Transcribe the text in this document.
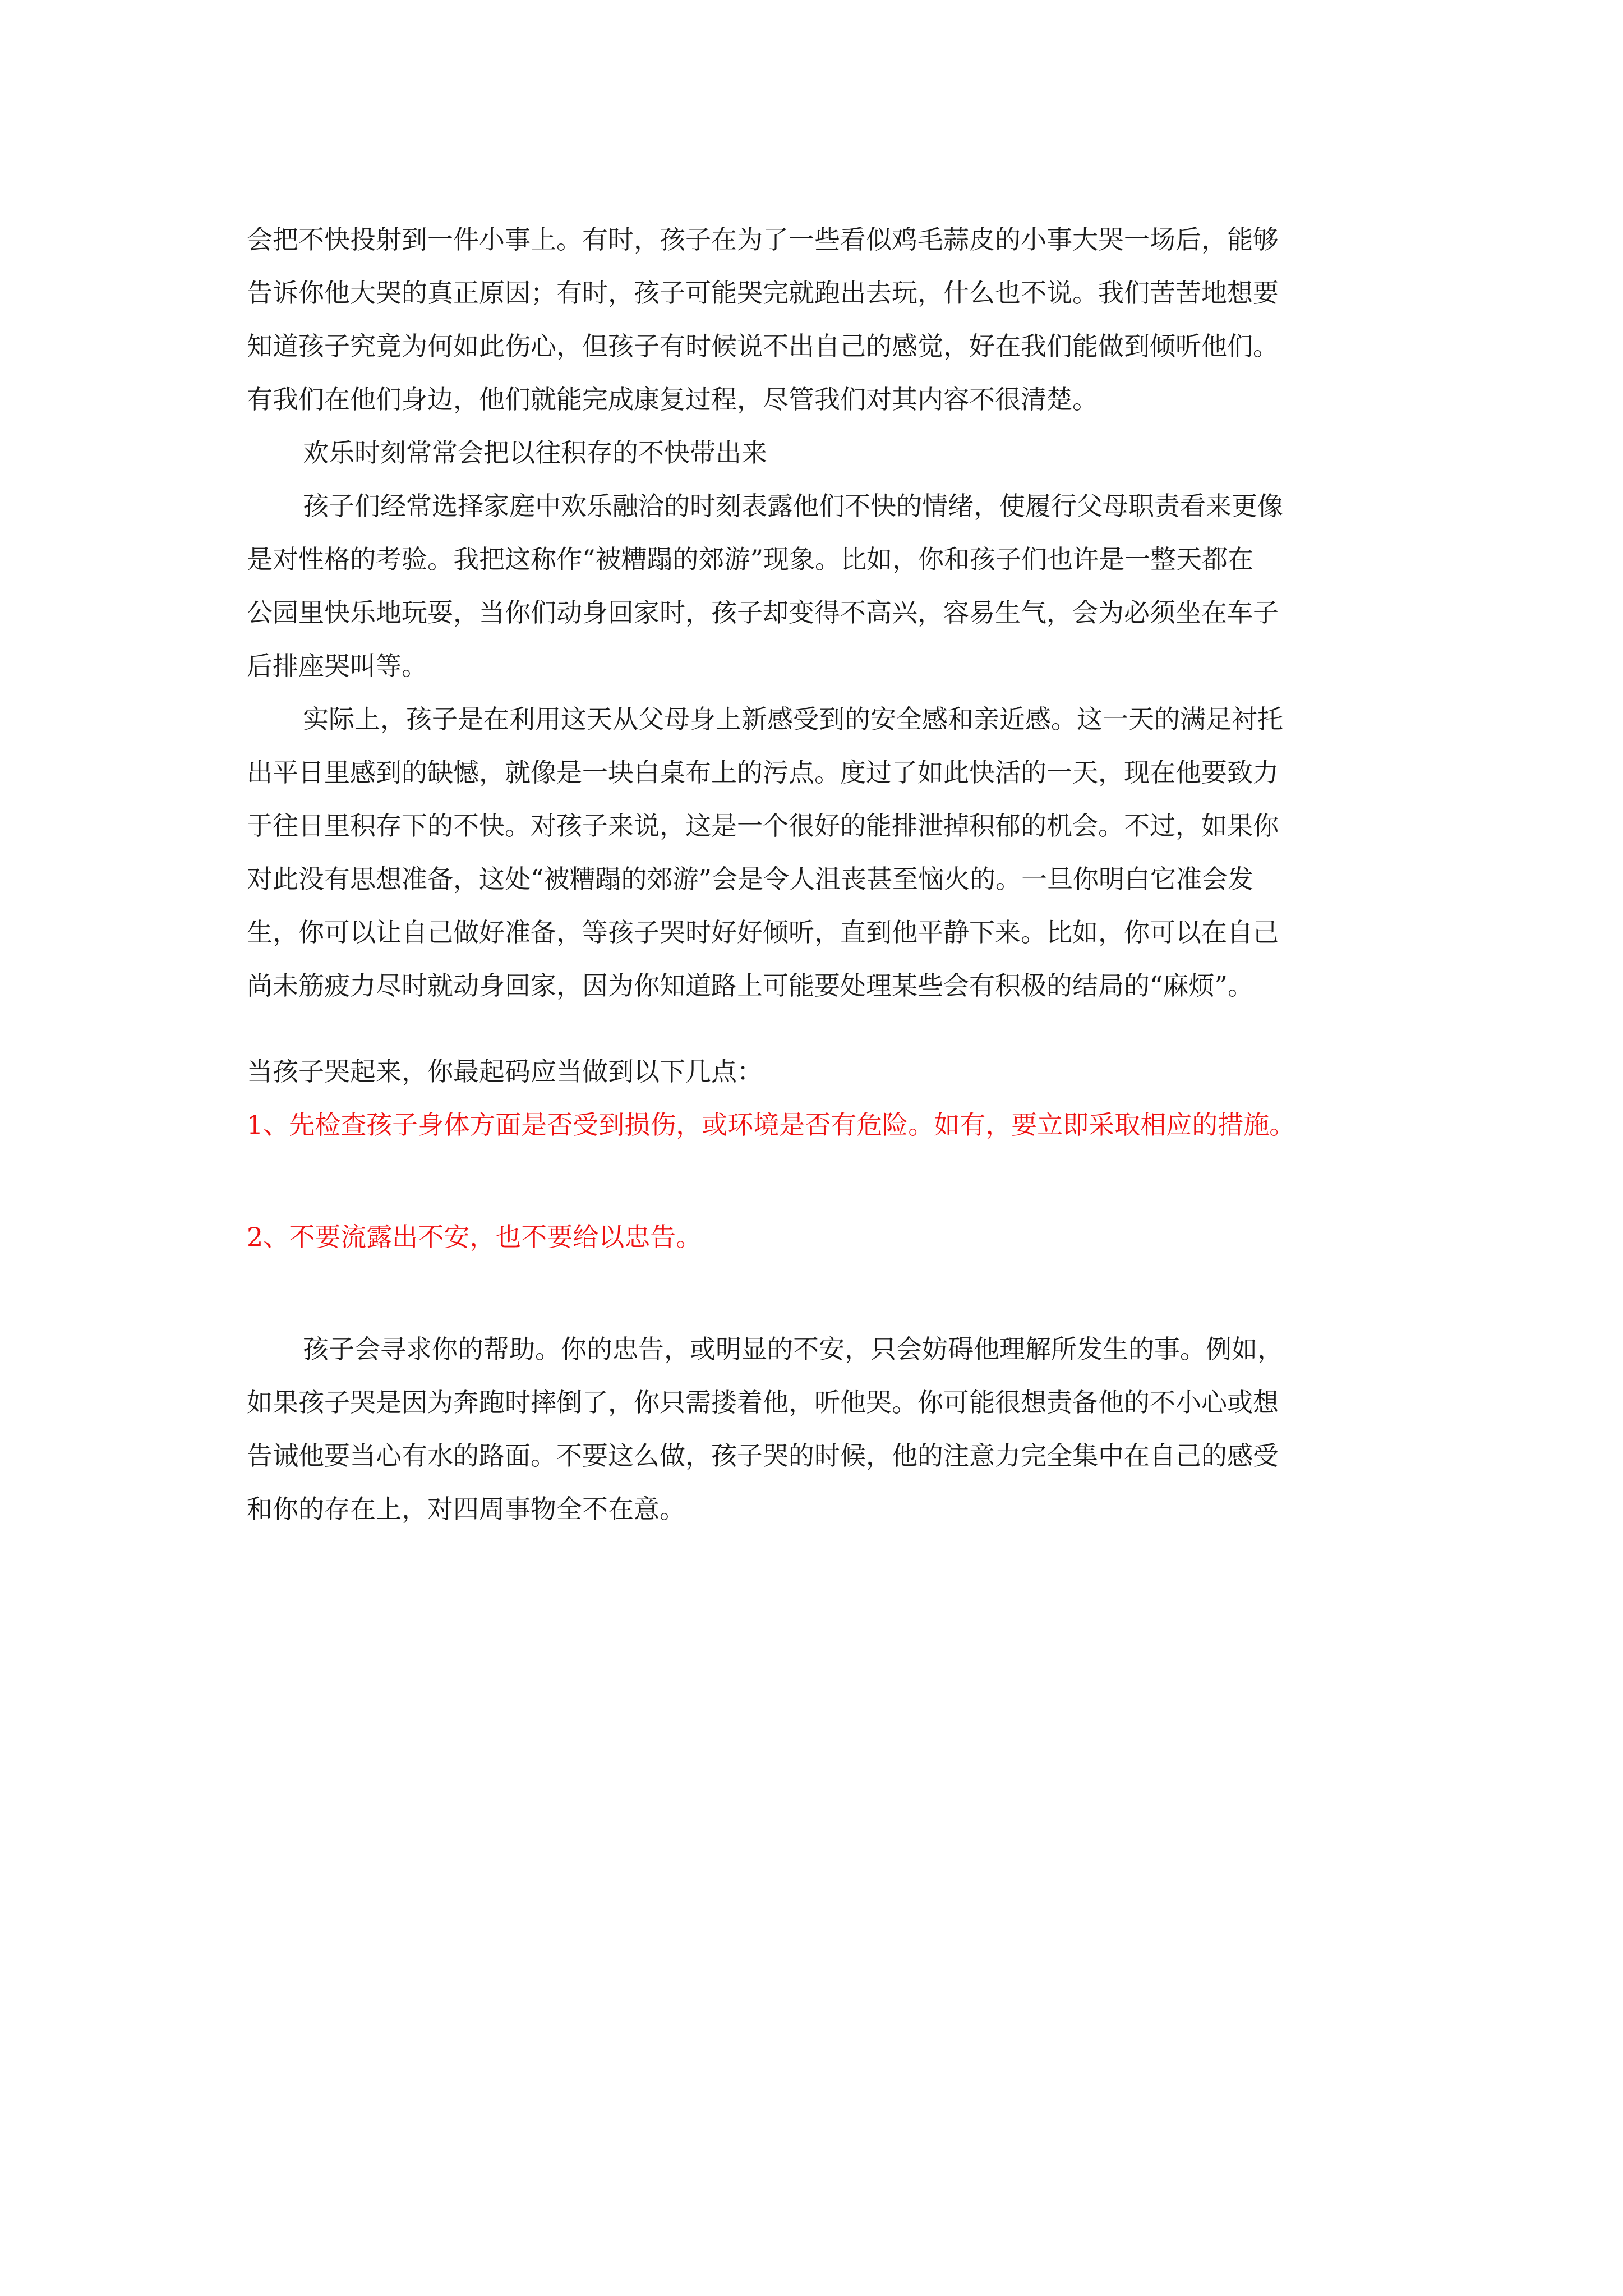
会把不快投射到一件小事上。有时，孩子在为了一些看似鸡毛蒜皮的小事大哭一场后，能够
告诉你他大哭的真正原因；有时，孩子可能哭完就跑出去玩，什么也不说。我们苦苦地想要
知道孩子究竟为何如此伤心，但孩子有时候说不出自己的感觉，好在我们能做到倾听他们。
有我们在他们身边，他们就能完成康复过程，尽管我们对其内容不很清楚。
欢乐时刻常常会把以往积存的不快带出来
孩子们经常选择家庭中欢乐融洽的时刻表露他们不快的情绪，使履行父母职责看来更像
是对性格的考验。我把这称作“被糟蹋的郊游”现象。比如，你和孩子们也许是一整天都在
公园里快乐地玩耍，当你们动身回家时，孩子却变得不高兴，容易生气，会为必须坐在车子
后排座哭叫等。
实际上，孩子是在利用这天从父母身上新感受到的安全感和亲近感。这一天的满足衬托
出平日里感到的缺憾，就像是一块白桌布上的污点。度过了如此快活的一天，现在他要致力
于往日里积存下的不快。对孩子来说，这是一个很好的能排泄掉积郁的机会。不过，如果你
对此没有思想准备，这处“被糟蹋的郊游”会是令人沮丧甚至恼火的。一旦你明白它准会发
生，你可以让自己做好准备，等孩子哭时好好倾听，直到他平静下来。比如，你可以在自己
尚未筋疲力尽时就动身回家，因为你知道路上可能要处理某些会有积极的结局的“麻烦”。
当孩子哭起来，你最起码应当做到以下几点：
1、先检查孩子身体方面是否受到损伤，或环境是否有危险。如有，要立即采取相应的措施。
2、不要流露出不安，也不要给以忠告。
孩子会寻求你的帮助。你的忠告，或明显的不安，只会妨碍他理解所发生的事。例如，
如果孩子哭是因为奔跑时摔倒了，你只需搂着他，听他哭。你可能很想责备他的不小心或想
告诫他要当心有水的路面。不要这么做，孩子哭的时候，他的注意力完全集中在自己的感受
和你的存在上，对四周事物全不在意。
